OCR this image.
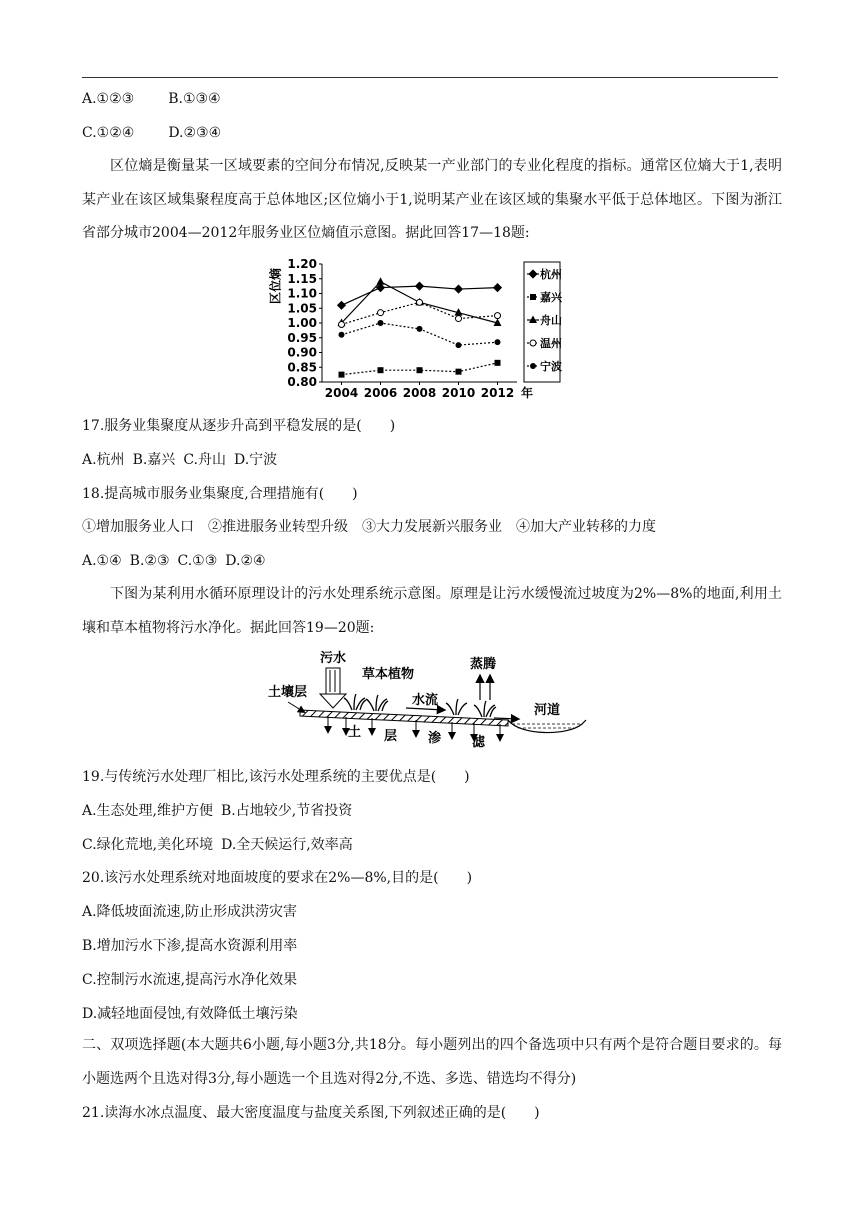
A.①②③ B.①③④
C.①②④ D.②③④
区位熵是衡量某一区域要素的空间分布情况,反映某一产业部门的专业化程度的指标。通常区位熵大于1,表明某产业在该区域集聚程度高于总体地区;区位熵小于1,说明某产业在该区域的集聚水平低于总体地区。下图为浙江省部分城市2004—2012年服务业区位熵值示意图。据此回答17—18题:
区位熵
1.20
1.15
1.10
1.05
1.00
0.95
0.90
0.85
0.80
2004 2006 2008 2010 2012 年
杭州
嘉兴
舟山
温州
宁波
17.服务业集聚度从逐步升高到平稳发展的是(　　)
A.杭州 B.嘉兴 C.舟山 D.宁波
18.提高城市服务业集聚度,合理措施有(　　)
①增加服务业人口 ②推进服务业转型升级 ③大力发展新兴服务业 ④加大产业转移的力度
A.①④ B.②③ C.①③ D.②④
下图为某利用水循环原理设计的污水处理系统示意图。原理是让污水缓慢流过坡度为2%—8%的地面,利用土壤和草本植物将污水净化。据此回答19—20题:
污水
草本植物
土壤层
水流
蒸腾
河道
土 层 渗 滤
19.与传统污水处理厂相比,该污水处理系统的主要优点是(　　)
A.生态处理,维护方便 B.占地较少,节省投资
C.绿化荒地,美化环境 D.全天候运行,效率高
20.该污水处理系统对地面坡度的要求在2%—8%,目的是(　　)
A.降低坡面流速,防止形成洪涝灾害
B.增加污水下渗,提高水资源利用率
C.控制污水流速,提高污水净化效果
D.减轻地面侵蚀,有效降低土壤污染
二、双项选择题(本大题共6小题,每小题3分,共18分。每小题列出的四个备选项中只有两个是符合题目要求的。每小题选两个且选对得3分,每小题选一个且选对得2分,不选、多选、错选均不得分)
21.读海水冰点温度、最大密度温度与盐度关系图,下列叙述正确的是(　　)
